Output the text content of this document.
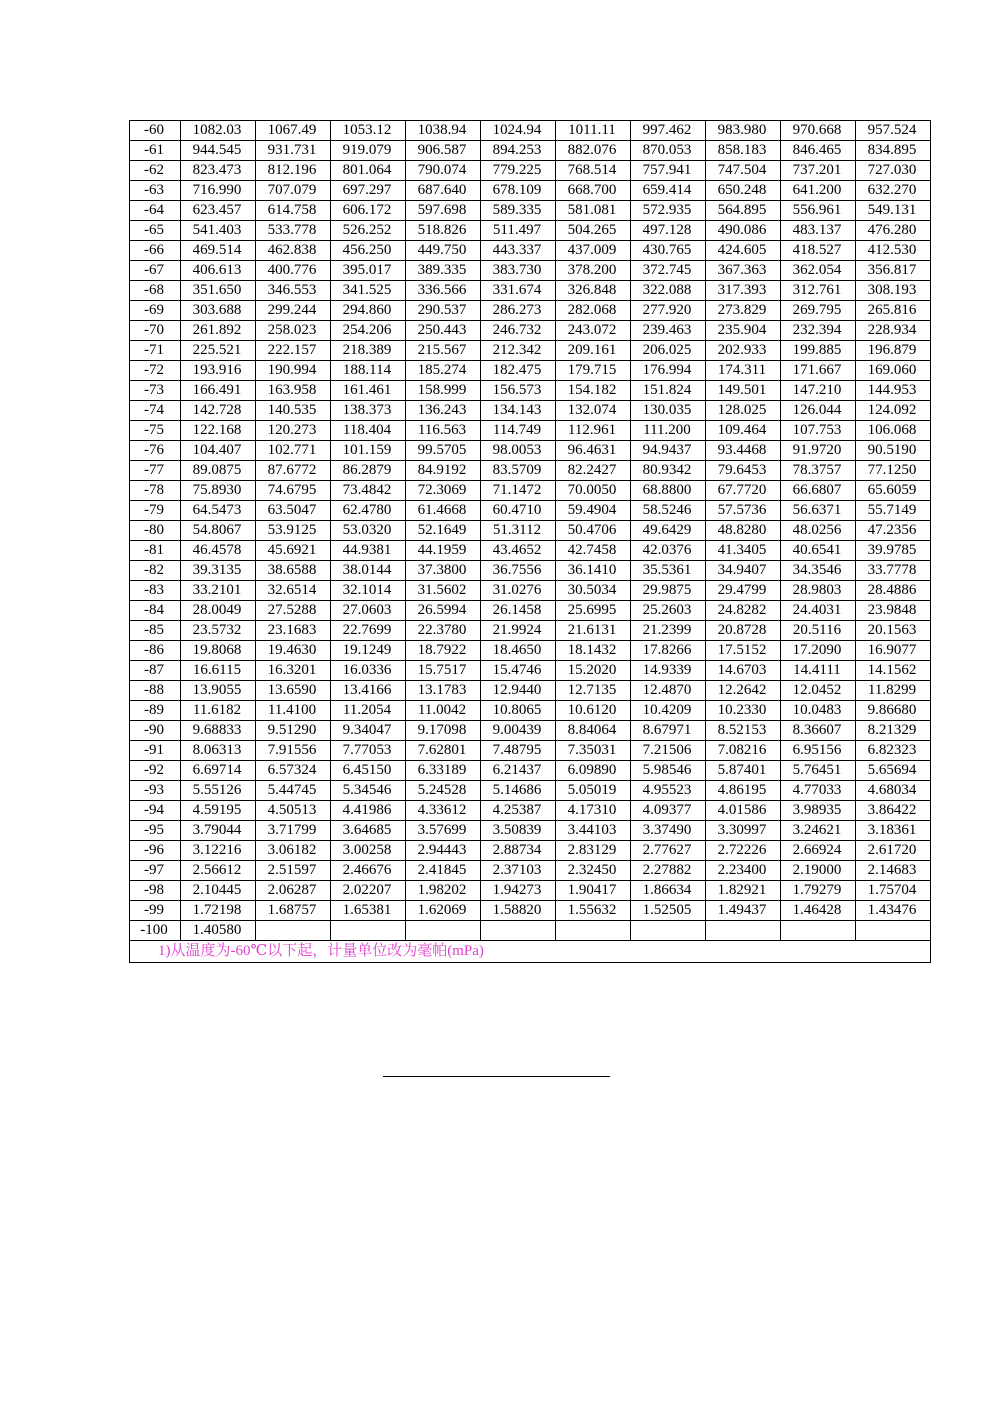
-60	1082.03	1067.49	1053.12	1038.94	1024.94	1011.11	997.462	983.980	970.668	957.524
-61	944.545	931.731	919.079	906.587	894.253	882.076	870.053	858.183	846.465	834.895
-62	823.473	812.196	801.064	790.074	779.225	768.514	757.941	747.504	737.201	727.030
-63	716.990	707.079	697.297	687.640	678.109	668.700	659.414	650.248	641.200	632.270
-64	623.457	614.758	606.172	597.698	589.335	581.081	572.935	564.895	556.961	549.131
-65	541.403	533.778	526.252	518.826	511.497	504.265	497.128	490.086	483.137	476.280
-66	469.514	462.838	456.250	449.750	443.337	437.009	430.765	424.605	418.527	412.530
-67	406.613	400.776	395.017	389.335	383.730	378.200	372.745	367.363	362.054	356.817
-68	351.650	346.553	341.525	336.566	331.674	326.848	322.088	317.393	312.761	308.193
-69	303.688	299.244	294.860	290.537	286.273	282.068	277.920	273.829	269.795	265.816
-70	261.892	258.023	254.206	250.443	246.732	243.072	239.463	235.904	232.394	228.934
-71	225.521	222.157	218.389	215.567	212.342	209.161	206.025	202.933	199.885	196.879
-72	193.916	190.994	188.114	185.274	182.475	179.715	176.994	174.311	171.667	169.060
-73	166.491	163.958	161.461	158.999	156.573	154.182	151.824	149.501	147.210	144.953
-74	142.728	140.535	138.373	136.243	134.143	132.074	130.035	128.025	126.044	124.092
-75	122.168	120.273	118.404	116.563	114.749	112.961	111.200	109.464	107.753	106.068
-76	104.407	102.771	101.159	99.5705	98.0053	96.4631	94.9437	93.4468	91.9720	90.5190
-77	89.0875	87.6772	86.2879	84.9192	83.5709	82.2427	80.9342	79.6453	78.3757	77.1250
-78	75.8930	74.6795	73.4842	72.3069	71.1472	70.0050	68.8800	67.7720	66.6807	65.6059
-79	64.5473	63.5047	62.4780	61.4668	60.4710	59.4904	58.5246	57.5736	56.6371	55.7149
-80	54.8067	53.9125	53.0320	52.1649	51.3112	50.4706	49.6429	48.8280	48.0256	47.2356
-81	46.4578	45.6921	44.9381	44.1959	43.4652	42.7458	42.0376	41.3405	40.6541	39.9785
-82	39.3135	38.6588	38.0144	37.3800	36.7556	36.1410	35.5361	34.9407	34.3546	33.7778
-83	33.2101	32.6514	32.1014	31.5602	31.0276	30.5034	29.9875	29.4799	28.9803	28.4886
-84	28.0049	27.5288	27.0603	26.5994	26.1458	25.6995	25.2603	24.8282	24.4031	23.9848
-85	23.5732	23.1683	22.7699	22.3780	21.9924	21.6131	21.2399	20.8728	20.5116	20.1563
-86	19.8068	19.4630	19.1249	18.7922	18.4650	18.1432	17.8266	17.5152	17.2090	16.9077
-87	16.6115	16.3201	16.0336	15.7517	15.4746	15.2020	14.9339	14.6703	14.4111	14.1562
-88	13.9055	13.6590	13.4166	13.1783	12.9440	12.7135	12.4870	12.2642	12.0452	11.8299
-89	11.6182	11.4100	11.2054	11.0042	10.8065	10.6120	10.4209	10.2330	10.0483	9.86680
-90	9.68833	9.51290	9.34047	9.17098	9.00439	8.84064	8.67971	8.52153	8.36607	8.21329
-91	8.06313	7.91556	7.77053	7.62801	7.48795	7.35031	7.21506	7.08216	6.95156	6.82323
-92	6.69714	6.57324	6.45150	6.33189	6.21437	6.09890	5.98546	5.87401	5.76451	5.65694
-93	5.55126	5.44745	5.34546	5.24528	5.14686	5.05019	4.95523	4.86195	4.77033	4.68034
-94	4.59195	4.50513	4.41986	4.33612	4.25387	4.17310	4.09377	4.01586	3.98935	3.86422
-95	3.79044	3.71799	3.64685	3.57699	3.50839	3.44103	3.37490	3.30997	3.24621	3.18361
-96	3.12216	3.06182	3.00258	2.94443	2.88734	2.83129	2.77627	2.72226	2.66924	2.61720
-97	2.56612	2.51597	2.46676	2.41845	2.37103	2.32450	2.27882	2.23400	2.19000	2.14683
-98	2.10445	2.06287	2.02207	1.98202	1.94273	1.90417	1.86634	1.82921	1.79279	1.75704
-99	1.72198	1.68757	1.65381	1.62069	1.58820	1.55632	1.52505	1.49437	1.46428	1.43476
-100	1.40580									
1)从温度为-60℃以下起，计量单位改为毫帕(mPa)										
